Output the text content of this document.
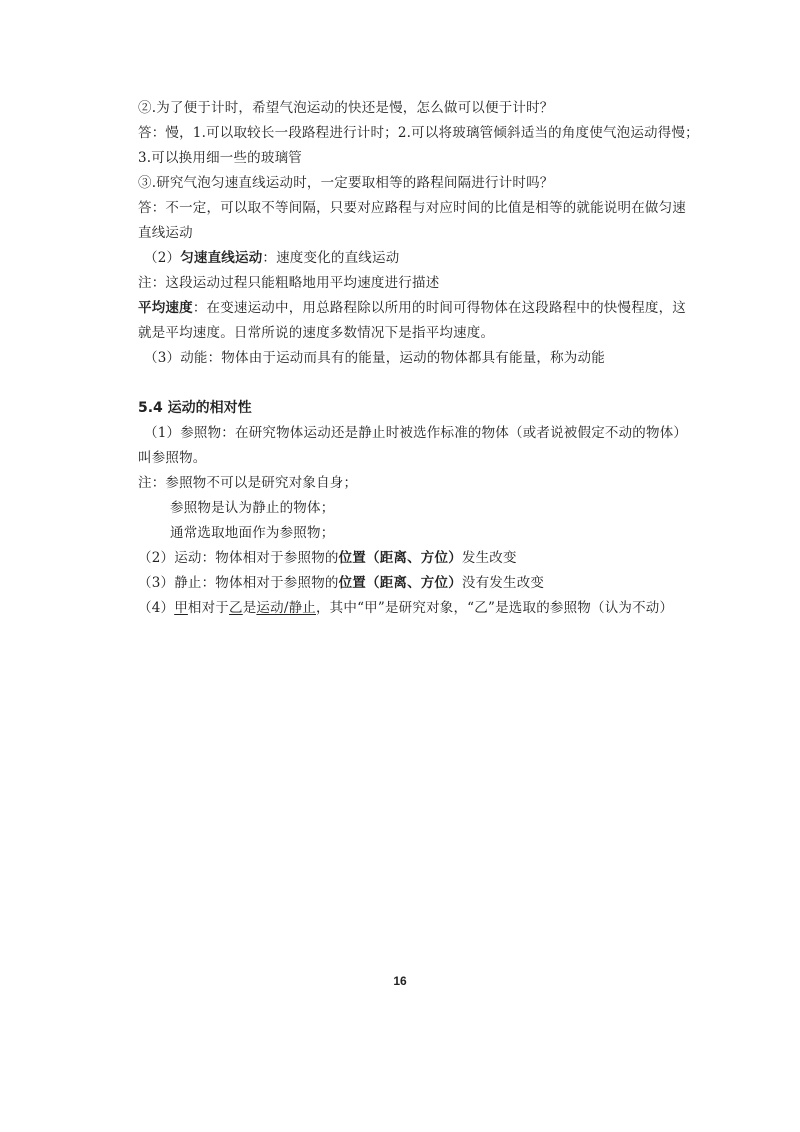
②.为了便于计时，希望气泡运动的快还是慢，怎么做可以便于计时？
答：慢，1.可以取较长一段路程进行计时；2.可以将玻璃管倾斜适当的角度使气泡运动得慢；
3.可以换用细一些的玻璃管
③.研究气泡匀速直线运动时，一定要取相等的路程间隔进行计时吗？
答：不一定，可以取不等间隔，只要对应路程与对应时间的比值是相等的就能说明在做匀速
直线运动
（2）匀速直线运动：速度变化的直线运动
注：这段运动过程只能粗略地用平均速度进行描述
平均速度：在变速运动中，用总路程除以所用的时间可得物体在这段路程中的快慢程度，这
就是平均速度。日常所说的速度多数情况下是指平均速度。
（3）动能：物体由于运动而具有的能量，运动的物体都具有能量，称为动能
5.4 运动的相对性
（1）参照物：在研究物体运动还是静止时被选作标准的物体（或者说被假定不动的物体）
叫参照物。
注：参照物不可以是研究对象自身；
参照物是认为静止的物体；
通常选取地面作为参照物；
（2）运动：物体相对于参照物的位置（距离、方位）发生改变
（3）静止：物体相对于参照物的位置（距离、方位）没有发生改变
（4）甲相对于乙是运动/静止，其中“甲”是研究对象，“乙”是选取的参照物（认为不动）
16
